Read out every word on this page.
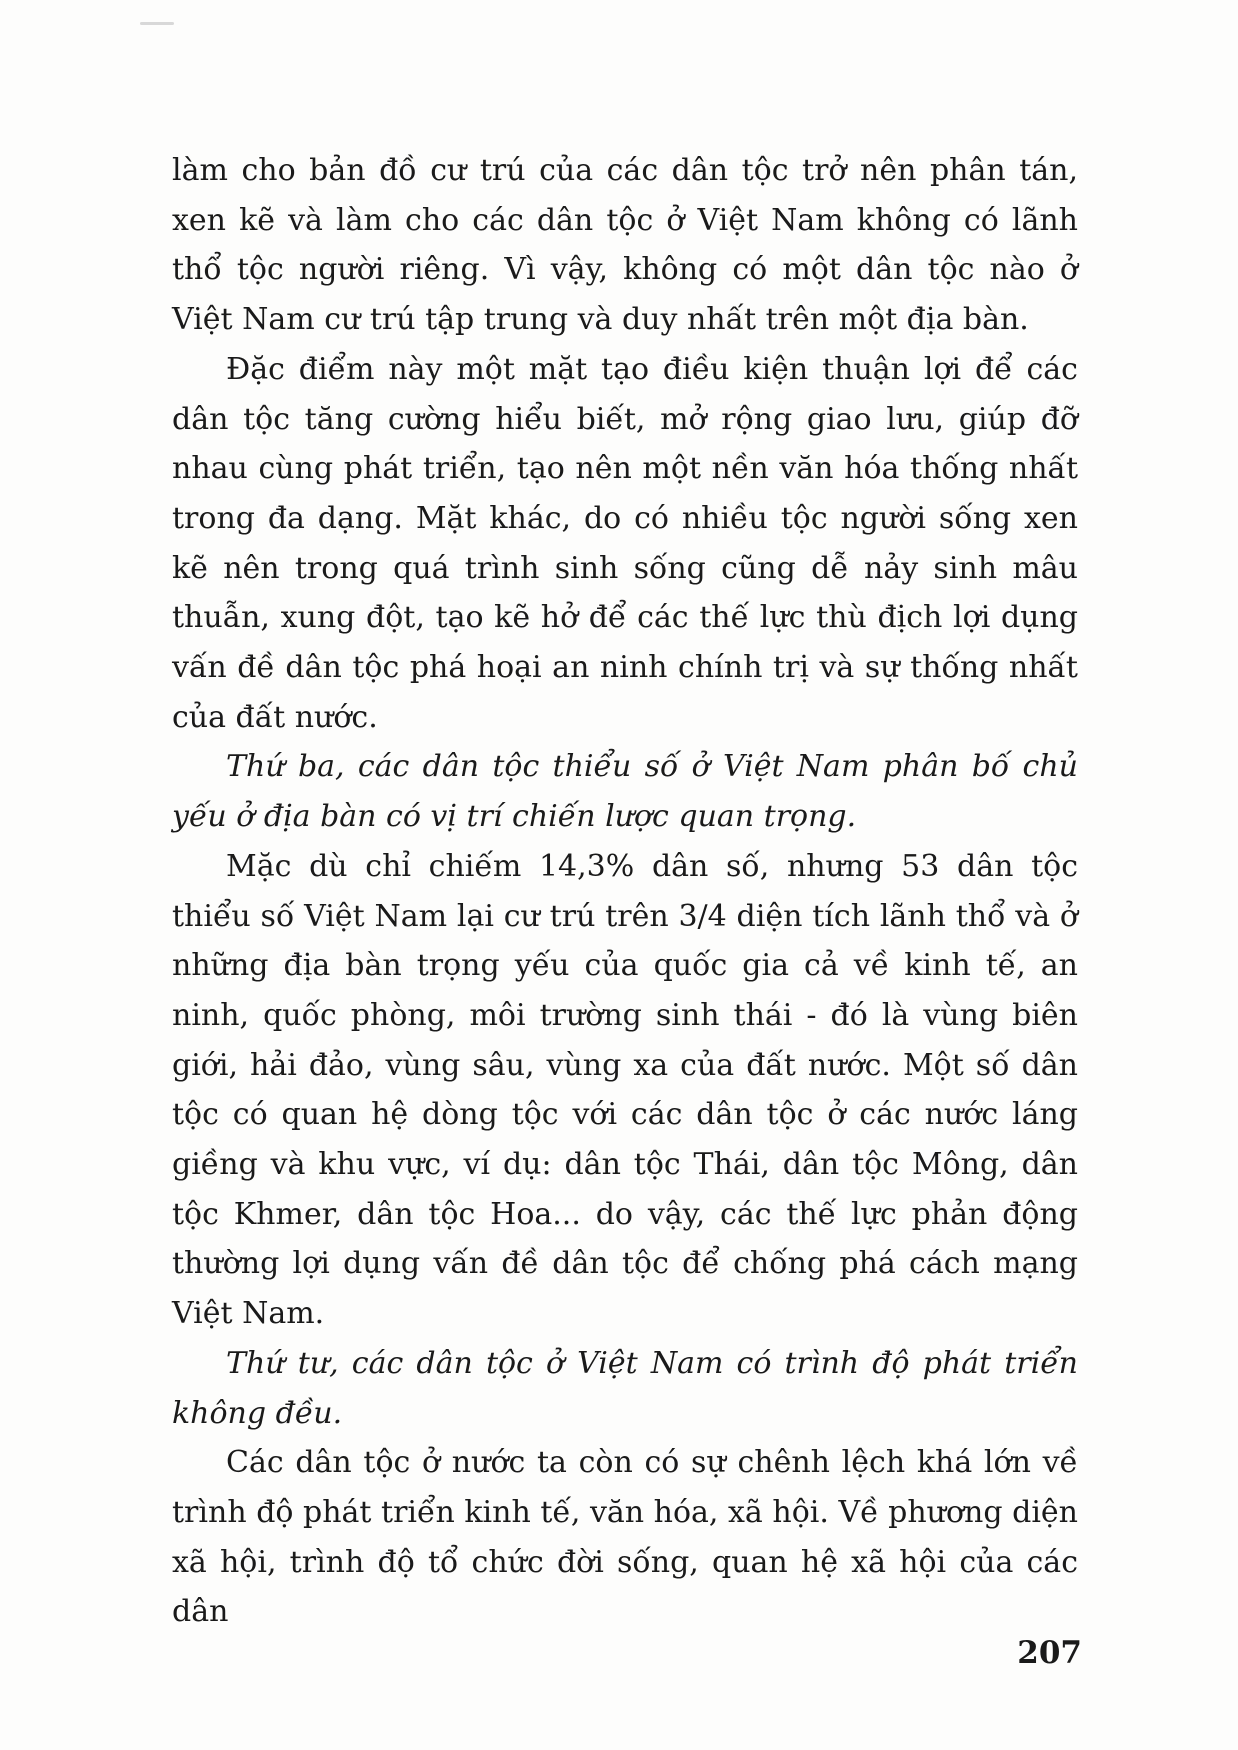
làm cho bản đồ cư trú của các dân tộc trở nên phân tán, xen kẽ và làm cho các dân tộc ở Việt Nam không có lãnh thổ tộc người riêng. Vì vậy, không có một dân tộc nào ở Việt Nam cư trú tập trung và duy nhất trên một địa bàn.

Đặc điểm này một mặt tạo điều kiện thuận lợi để các dân tộc tăng cường hiểu biết, mở rộng giao lưu, giúp đỡ nhau cùng phát triển, tạo nên một nền văn hóa thống nhất trong đa dạng. Mặt khác, do có nhiều tộc người sống xen kẽ nên trong quá trình sinh sống cũng dễ nảy sinh mâu thuẫn, xung đột, tạo kẽ hở để các thế lực thù địch lợi dụng vấn đề dân tộc phá hoại an ninh chính trị và sự thống nhất của đất nước.

Thứ ba, các dân tộc thiểu số ở Việt Nam phân bố chủ yếu ở địa bàn có vị trí chiến lược quan trọng.

Mặc dù chỉ chiếm 14,3% dân số, nhưng 53 dân tộc thiểu số Việt Nam lại cư trú trên 3/4 diện tích lãnh thổ và ở những địa bàn trọng yếu của quốc gia cả về kinh tế, an ninh, quốc phòng, môi trường sinh thái - đó là vùng biên giới, hải đảo, vùng sâu, vùng xa của đất nước. Một số dân tộc có quan hệ dòng tộc với các dân tộc ở các nước láng giềng và khu vực, ví dụ: dân tộc Thái, dân tộc Mông, dân tộc Khmer, dân tộc Hoa... do vậy, các thế lực phản động thường lợi dụng vấn đề dân tộc để chống phá cách mạng Việt Nam.

Thứ tư, các dân tộc ở Việt Nam có trình độ phát triển không đều.

Các dân tộc ở nước ta còn có sự chênh lệch khá lớn về trình độ phát triển kinh tế, văn hóa, xã hội. Về phương diện xã hội, trình độ tổ chức đời sống, quan hệ xã hội của các dân

207
